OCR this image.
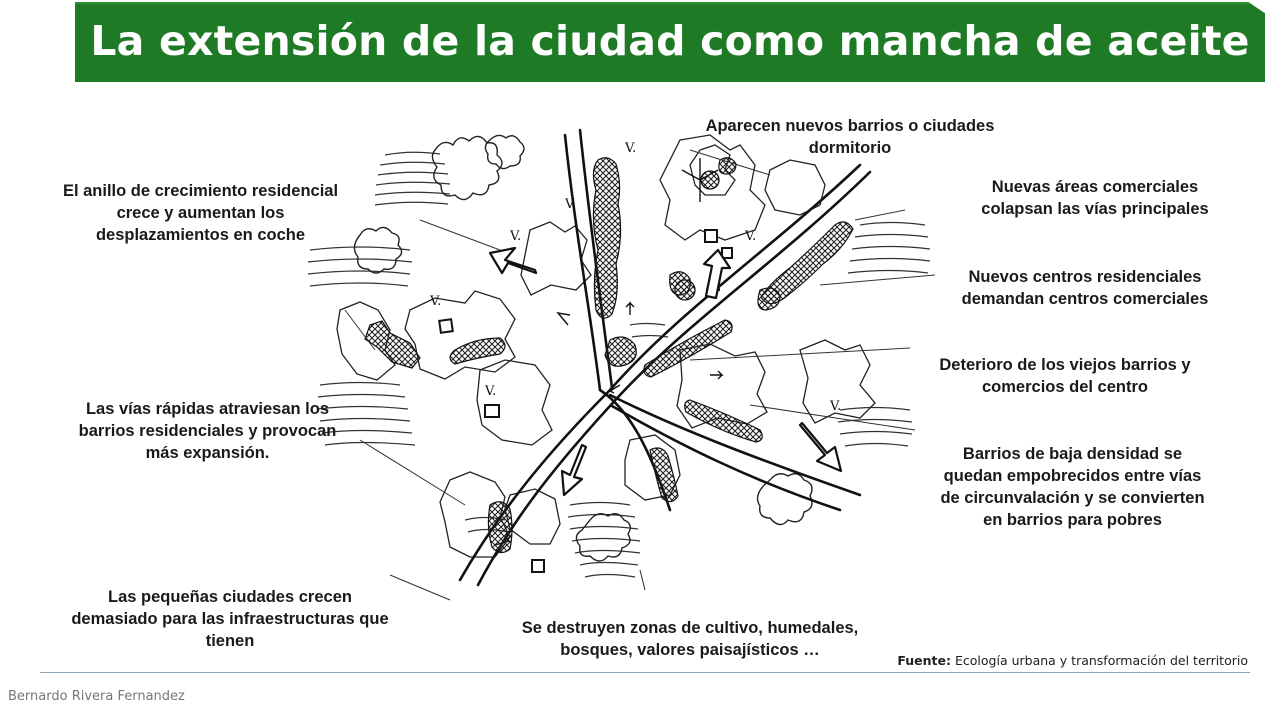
La extensión de la ciudad como mancha de aceite
V.
V.
V.
V.
V.
V.
V.
Aparecen nuevos barrios o ciudades
dormitorio
El anillo de crecimiento residencial
crece y aumentan los
desplazamientos en coche
Nuevas áreas comerciales
colapsan las vías principales
Nuevos centros residenciales
demandan centros comerciales
Deterioro de los viejos barrios y
comercios del centro
Las vías rápidas atraviesan los
barrios residenciales y provocan
más expansión.	Barrios de baja densidad se
quedan empobrecidos entre vías
de circunvalación y se convierten
en barrios para pobres
Las pequeñas ciudades crecen
demasiado para las infraestructuras que
tienen
Se destruyen zonas de cultivo, humedales,
bosques, valores paisajísticos …
Fuente: Ecología urbana y transformación del territorio
Bernardo Rivera Fernandez
